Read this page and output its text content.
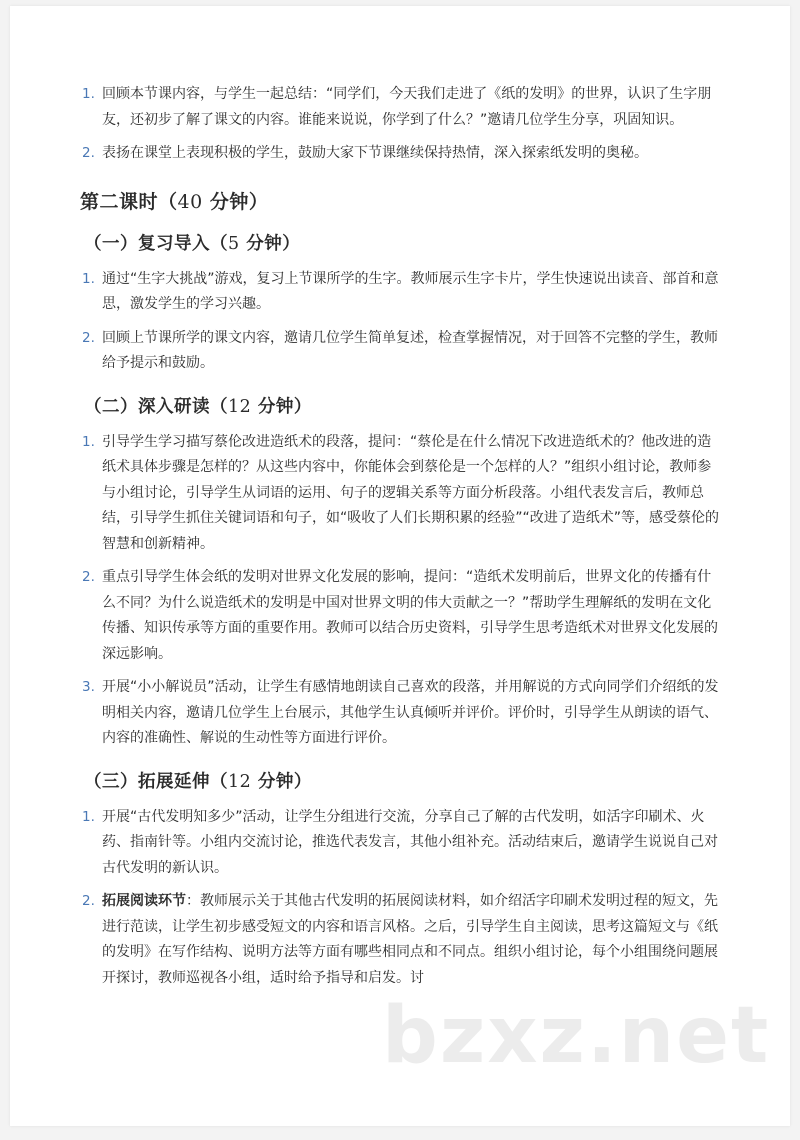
1. 回顾本节课内容，与学生一起总结：“同学们，今天我们走进了《纸的发明》的世界，认识了生字朋友，还初步了解了课文的内容。谁能来说说，你学到了什么？”邀请几位学生分享，巩固知识。
2. 表扬在课堂上表现积极的学生，鼓励大家下节课继续保持热情，深入探索纸发明的奥秘。
第二课时（40 分钟）
（一）复习导入（5 分钟）
1. 通过“生字大挑战”游戏，复习上节课所学的生字。教师展示生字卡片，学生快速说出读音、部首和意思，激发学生的学习兴趣。
2. 回顾上节课所学的课文内容，邀请几位学生简单复述，检查掌握情况，对于回答不完整的学生，教师给予提示和鼓励。
（二）深入研读（12 分钟）
1. 引导学生学习描写蔡伦改进造纸术的段落，提问：“蔡伦是在什么情况下改进造纸术的？他改进的造纸术具体步骤是怎样的？从这些内容中，你能体会到蔡伦是一个怎样的人？”组织小组讨论，教师参与小组讨论，引导学生从词语的运用、句子的逻辑关系等方面分析段落。小组代表发言后，教师总结，引导学生抓住关键词语和句子，如“吸收了人们长期积累的经验”“改进了造纸术”等，感受蔡伦的智慧和创新精神。
2. 重点引导学生体会纸的发明对世界文化发展的影响，提问：“造纸术发明前后，世界文化的传播有什么不同？为什么说造纸术的发明是中国对世界文明的伟大贡献之一？”帮助学生理解纸的发明在文化传播、知识传承等方面的重要作用。教师可以结合历史资料，引导学生思考造纸术对世界文化发展的深远影响。
3. 开展“小小解说员”活动，让学生有感情地朗读自己喜欢的段落，并用解说的方式向同学们介绍纸的发明相关内容，邀请几位学生上台展示，其他学生认真倾听并评价。评价时，引导学生从朗读的语气、内容的准确性、解说的生动性等方面进行评价。
（三）拓展延伸（12 分钟）
1. 开展“古代发明知多少”活动，让学生分组进行交流，分享自己了解的古代发明，如活字印刷术、火药、指南针等。小组内交流讨论，推选代表发言，其他小组补充。活动结束后，邀请学生说说自己对古代发明的新认识。
2. 拓展阅读环节：教师展示关于其他古代发明的拓展阅读材料，如介绍活字印刷术发明过程的短文，先进行范读，让学生初步感受短文的内容和语言风格。之后，引导学生自主阅读，思考这篇短文与《纸的发明》在写作结构、说明方法等方面有哪些相同点和不同点。组织小组讨论，每个小组围绕问题展开探讨，教师巡视各小组，适时给予指导和启发。讨
bzxz.net
